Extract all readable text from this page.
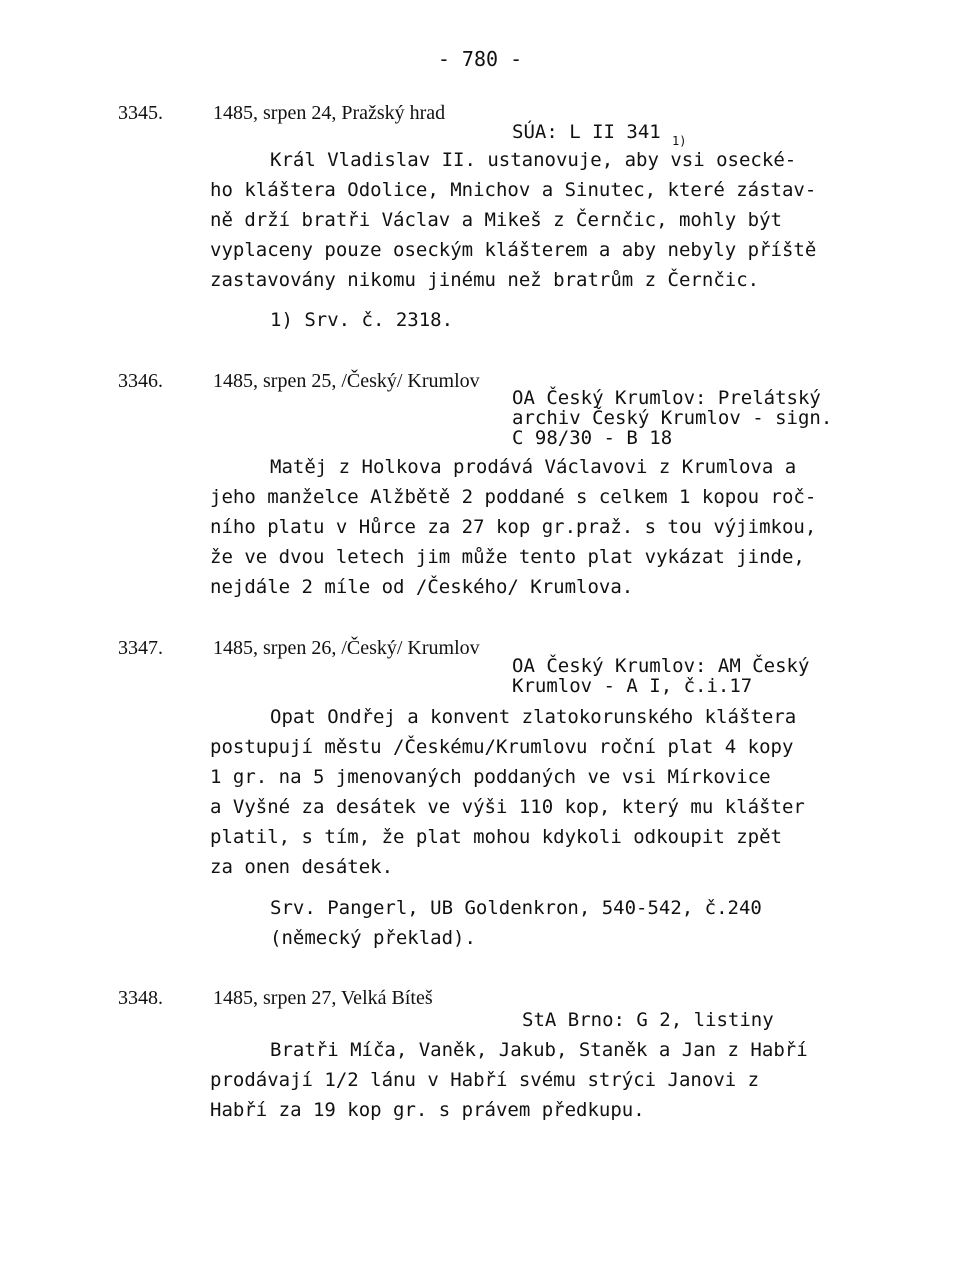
- 780 -
3345.	1485, srpen 24, Pražský hrad
SÚA: L II 341
Král Vladislav II. ustanovuje, aby vsi osecké-
ho kláštera Odolice, Mnichov a Sinutec, které zástav-
ně drží bratři Václav a Mikeš z Černčic, mohly být
1)
vyplaceny pouze oseckým klášterem a aby nebyly příště
zastavovány nikomu jinému než bratrům z Černčic.
1) Srv. č. 2318.
3346.	1485, srpen 25, /Český/ Krumlov
OA Český Krumlov: Prelátský
archiv Český Krumlov - sign.
C 98/30 - B 18
Matěj z Holkova prodává Václavovi z Krumlova a
jeho manželce Alžbětě 2 poddané s celkem 1 kopou roč-
ního platu v Hůrce za 27 kop gr.praž. s tou výjimkou,
že ve dvou letech jim může tento plat vykázat jinde,
nejdále 2 míle od /Českého/ Krumlova.
3347.	1485, srpen 26, /Český/ Krumlov
OA Český Krumlov: AM Český
Krumlov - A I, č.i.17
Opat Ondřej a konvent zlatokorunského kláštera
postupují městu /Českému/Krumlovu roční plat 4 kopy
1 gr. na 5 jmenovaných poddaných ve vsi Mírkovice
a Vyšné za desátek ve výši 110 kop, který mu klášter
platil, s tím, že plat mohou kdykoli odkoupit zpět
za onen desátek.
Srv. Pangerl, UB Goldenkron, 540-542, č.240
(německý překlad).
3348.	1485, srpen 27, Velká Bíteš
StA Brno: G 2, listiny
Bratři Míča, Vaněk, Jakub, Staněk a Jan z Habří
prodávají 1/2 lánu v Habří svému strýci Janovi z
Habří za 19 kop gr. s právem předkupu.
